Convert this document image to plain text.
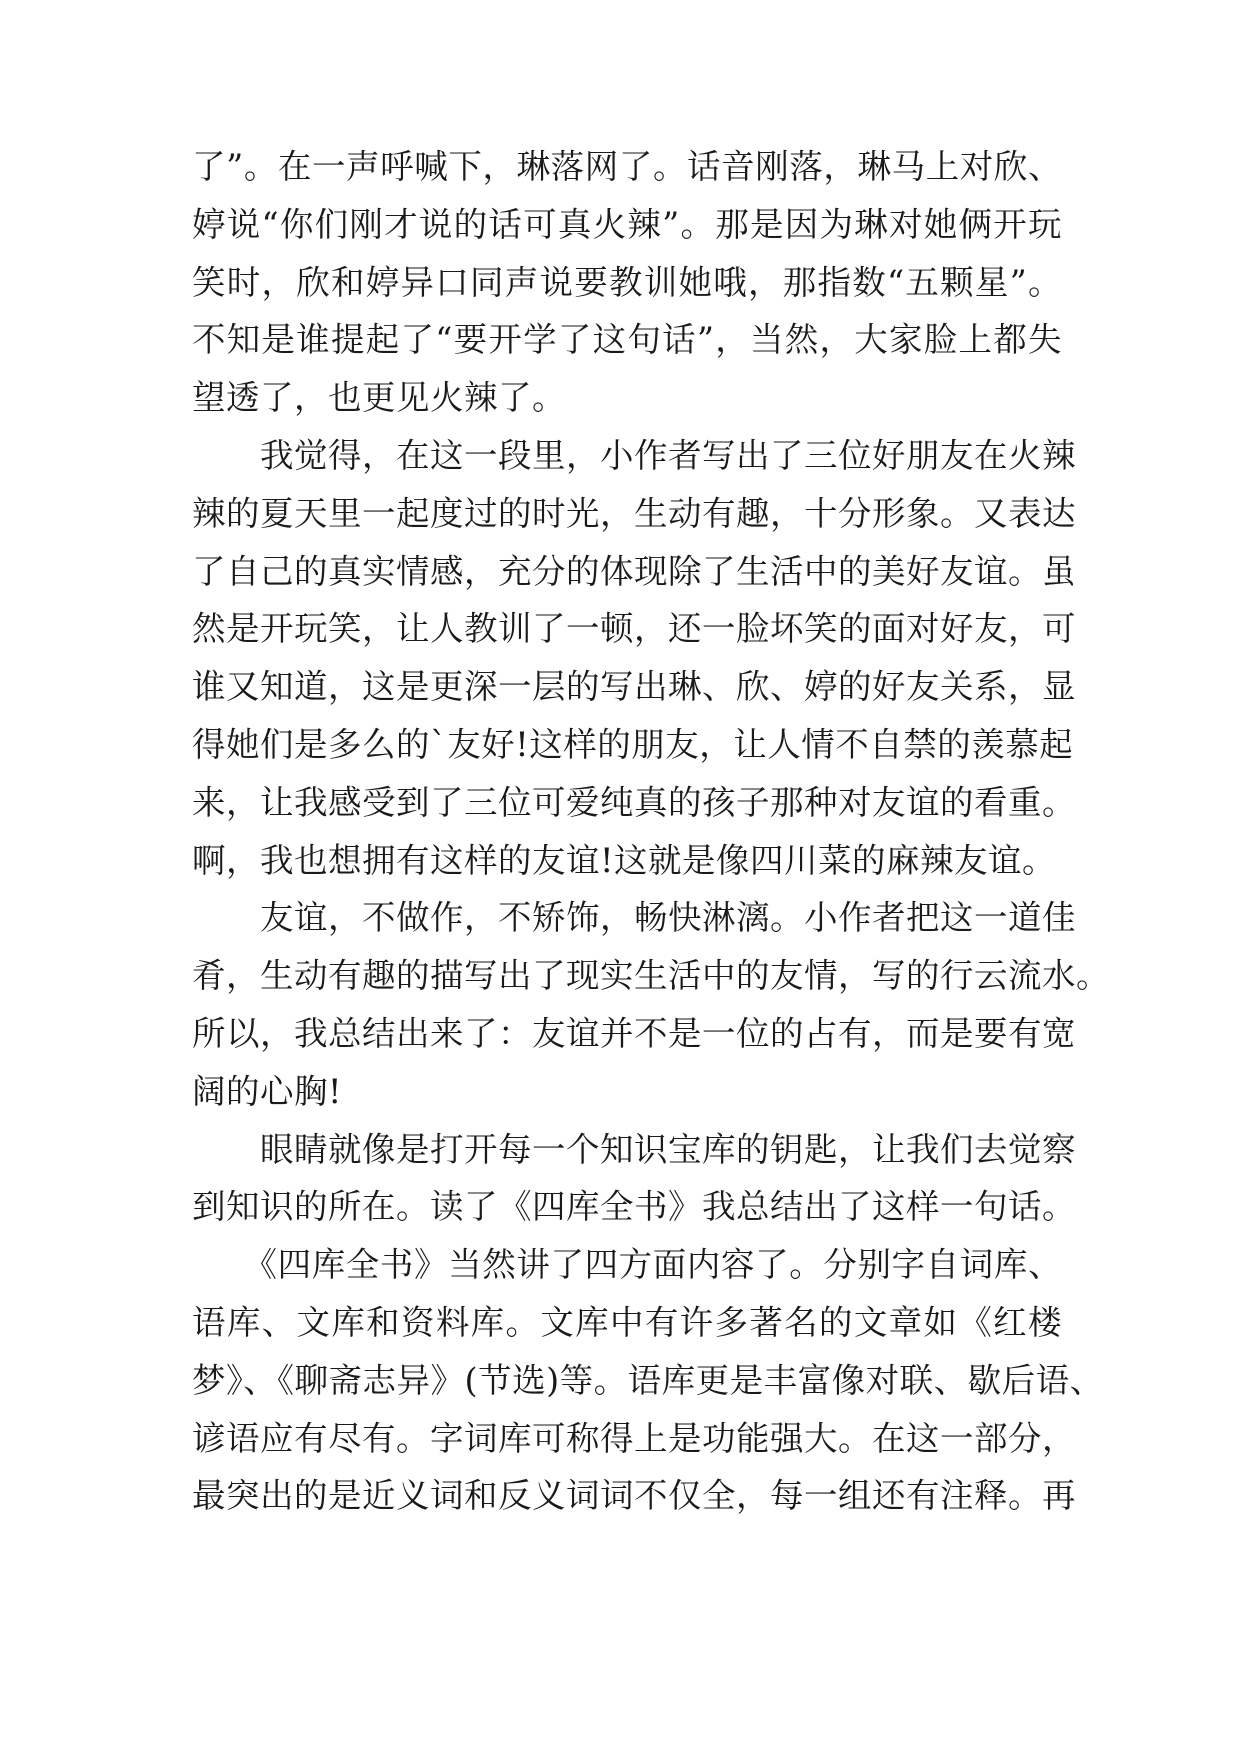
了”。在一声呼喊下，琳落网了。话音刚落，琳马上对欣、
婷说“你们刚才说的话可真火辣”。那是因为琳对她俩开玩
笑时，欣和婷异口同声说要教训她哦，那指数“五颗星”。
不知是谁提起了“要开学了这句话”，当然，大家脸上都失
望透了，也更见火辣了。
　　我觉得，在这一段里，小作者写出了三位好朋友在火辣
辣的夏天里一起度过的时光，生动有趣，十分形象。又表达
了自己的真实情感，充分的体现除了生活中的美好友谊。虽
然是开玩笑，让人教训了一顿，还一脸坏笑的面对好友，可
谁又知道，这是更深一层的写出琳、欣、婷的好友关系，显
得她们是多么的`友好!这样的朋友，让人情不自禁的羡慕起
来，让我感受到了三位可爱纯真的孩子那种对友谊的看重。
啊，我也想拥有这样的友谊!这就是像四川菜的麻辣友谊。
　　友谊，不做作，不矫饰，畅快淋漓。小作者把这一道佳
肴，生动有趣的描写出了现实生活中的友情，写的行云流水。
所以，我总结出来了：友谊并不是一位的占有，而是要有宽
阔的心胸!
　　眼睛就像是打开每一个知识宝库的钥匙，让我们去觉察
到知识的所在。读了《四库全书》我总结出了这样一句话。
　　《四库全书》当然讲了四方面内容了。分别字自词库、
语库、文库和资料库。文库中有许多著名的文章如《红楼
梦》、《聊斋志异》(节选)等。语库更是丰富像对联、歇后语、
谚语应有尽有。字词库可称得上是功能强大。在这一部分，
最突出的是近义词和反义词词不仅全，每一组还有注释。再
